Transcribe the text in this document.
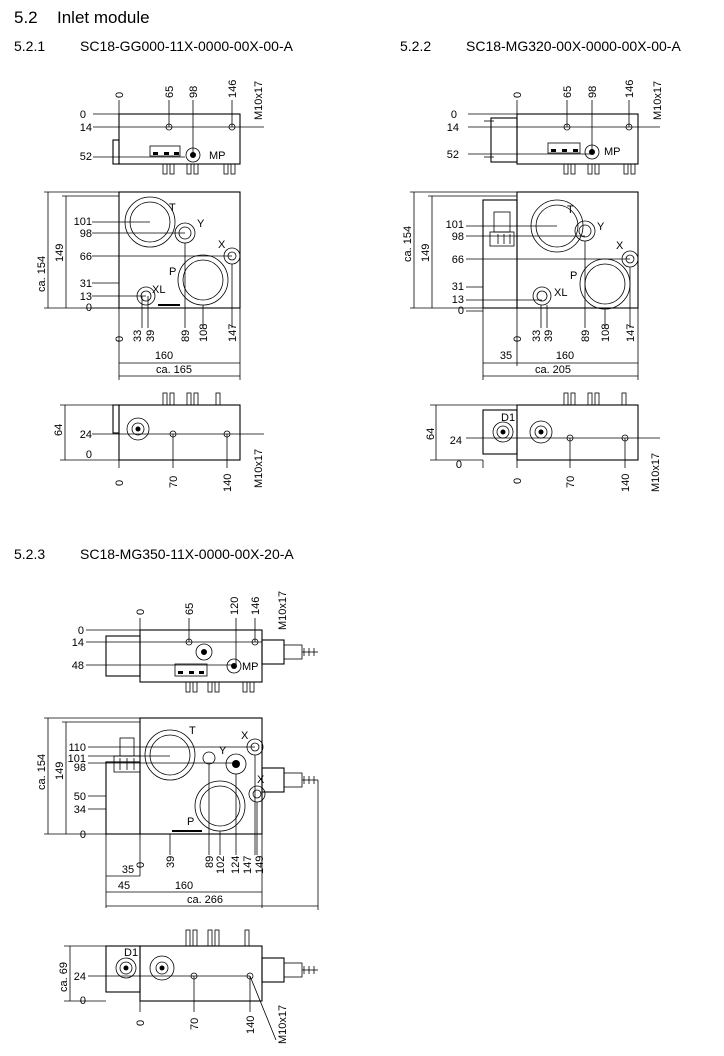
5.2 Inlet module
5.2.1 SC18-GG000-11X-0000-00X-00-A	5.2.2 SC18-MG320-00X-0000-00X-00-A
5.2.3 SC18-MG350-11X-0000-00X-20-A
0	65 98 146 M10x17
0
14
52	MP
ca. 154
149
101
98
66
31
13
0
0 33 39 89 108 147
160
ca. 165
T
Y
X
P
XL
64 24
0
0	70	140 M10x17
0	65 98 146 M10x17
0
14
52	MP
ca. 154 149
101
98
66
31
13
0
0 33 39 89 108 147
35	160
ca. 205
T
Y
X
P
XL
D1
64
24
0
0	70	140 M10x17
0	65	120 146 M10x17
0
14
48	MP
ca. 154 149
110
101
98
50
34
0
0 39 89 102 124 147 149
35
45	160
ca. 266
T
Y
X
X
P
D1
ca. 69 24
0
0	70	140 M10x17
